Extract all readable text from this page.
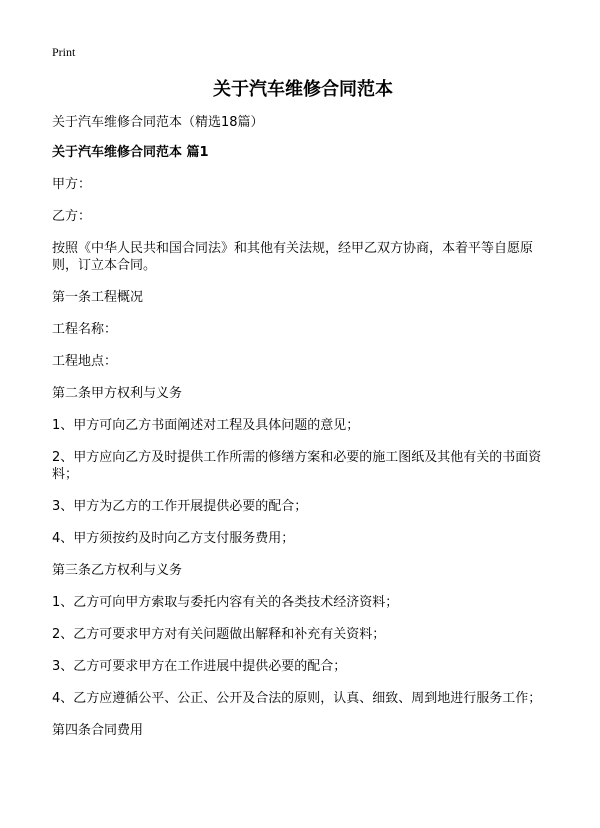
Print
关于汽车维修合同范本

关于汽车维修合同范本（精选18篇）

关于汽车维修合同范本 篇1

甲方：

乙方：

按照《中华人民共和国合同法》和其他有关法规，经甲乙双方协商，本着平等自愿原则，订立本合同。

第一条工程概况

工程名称：

工程地点：

第二条甲方权利与义务

1、甲方可向乙方书面阐述对工程及具体问题的意见；

2、甲方应向乙方及时提供工作所需的修缮方案和必要的施工图纸及其他有关的书面资料；

3、甲方为乙方的工作开展提供必要的配合；

4、甲方须按约及时向乙方支付服务费用；

第三条乙方权利与义务

1、乙方可向甲方索取与委托内容有关的各类技术经济资料；

2、乙方可要求甲方对有关问题做出解释和补充有关资料；

3、乙方可要求甲方在工作进展中提供必要的配合；

4、乙方应遵循公平、公正、公开及合法的原则，认真、细致、周到地进行服务工作；

第四条合同费用
